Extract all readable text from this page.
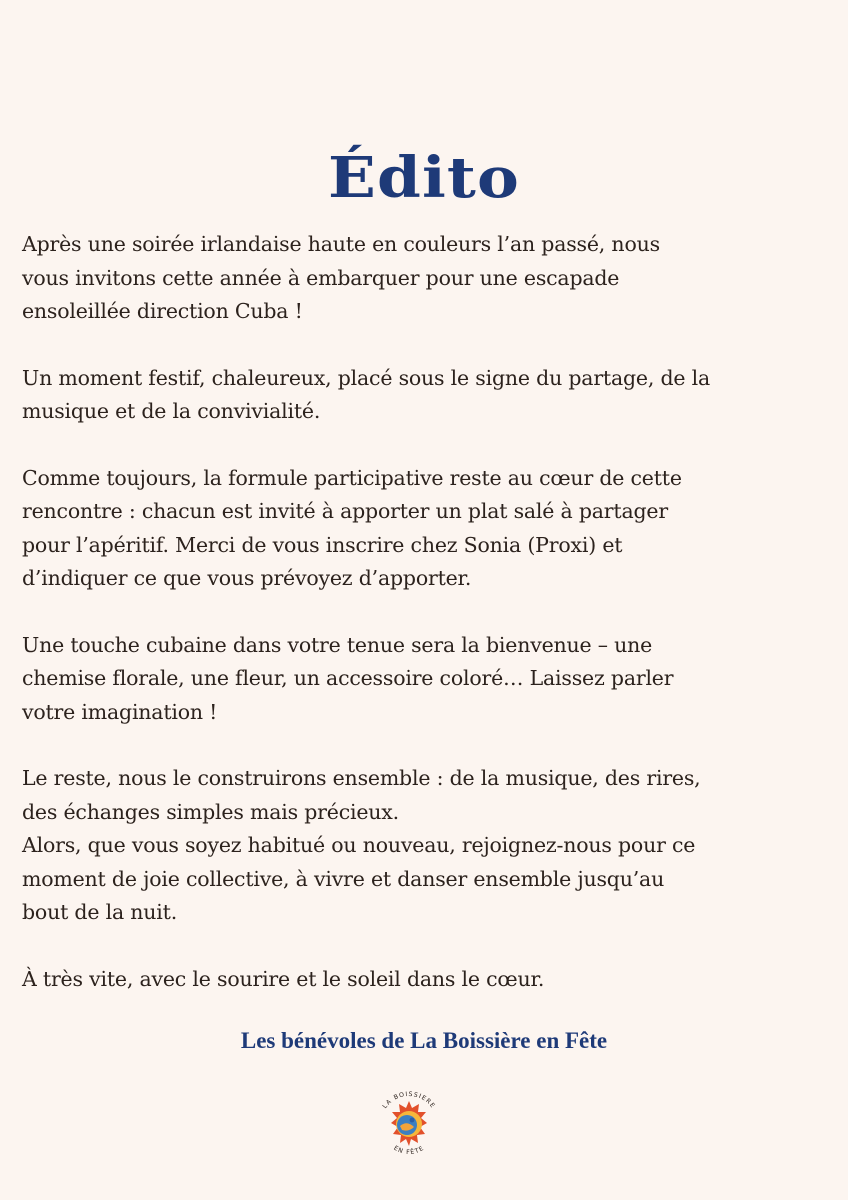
Édito

Après une soirée irlandaise haute en couleurs l’an passé, nous
vous invitons cette année à embarquer pour une escapade
ensoleillée direction Cuba !

Un moment festif, chaleureux, placé sous le signe du partage, de la
musique et de la convivialité.

Comme toujours, la formule participative reste au cœur de cette
rencontre : chacun est invité à apporter un plat salé à partager
pour l’apéritif. Merci de vous inscrire chez Sonia (Proxi) et
d’indiquer ce que vous prévoyez d’apporter.

Une touche cubaine dans votre tenue sera la bienvenue – une
chemise florale, une fleur, un accessoire coloré… Laissez parler
votre imagination !

Le reste, nous le construirons ensemble : de la musique, des rires,
des échanges simples mais précieux.
Alors, que vous soyez habitué ou nouveau, rejoignez-nous pour ce
moment de joie collective, à vivre et danser ensemble jusqu’au
bout de la nuit.

À très vite, avec le sourire et le soleil dans le cœur.

Les bénévoles de La Boissière en Fête
LA BOISSIERE
EN FÊTE
